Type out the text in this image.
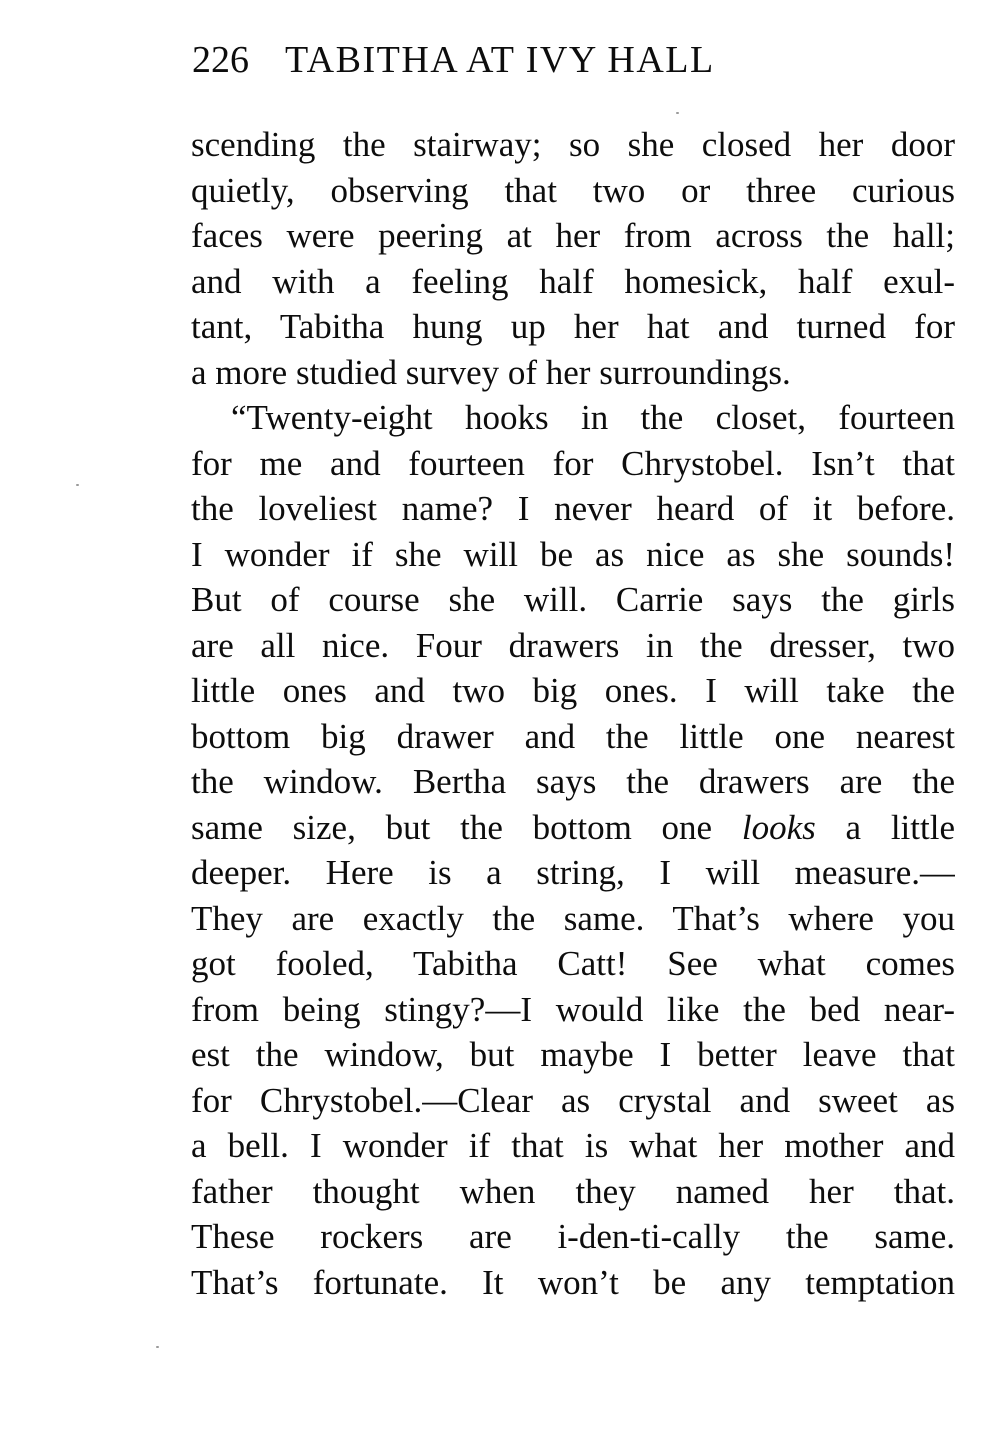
226 TABITHA AT IVY HALL
scending the stairway; so she closed her door
quietly, observing that two or three curious
faces were peering at her from across the hall;
and with a feeling half homesick, half exul-
tant, Tabitha hung up her hat and turned for
a more studied survey of her surroundings.
“Twenty-eight hooks in the closet, fourteen
for me and fourteen for Chrystobel. Isn’t that
the loveliest name? I never heard of it before.
I wonder if she will be as nice as she sounds!
But of course she will. Carrie says the girls
are all nice. Four drawers in the dresser, two
little ones and two big ones. I will take the
bottom big drawer and the little one nearest
the window. Bertha says the drawers are the
same size, but the bottom one looks a little
deeper. Here is a string, I will measure.—
They are exactly the same. That’s where you
got fooled, Tabitha Catt! See what comes
from being stingy?—I would like the bed near-
est the window, but maybe I better leave that
for Chrystobel.—Clear as crystal and sweet as
a bell. I wonder if that is what her mother and
father thought when they named her that.
These rockers are i-den-ti-cally the same.
That’s fortunate. It won’t be any temptation
